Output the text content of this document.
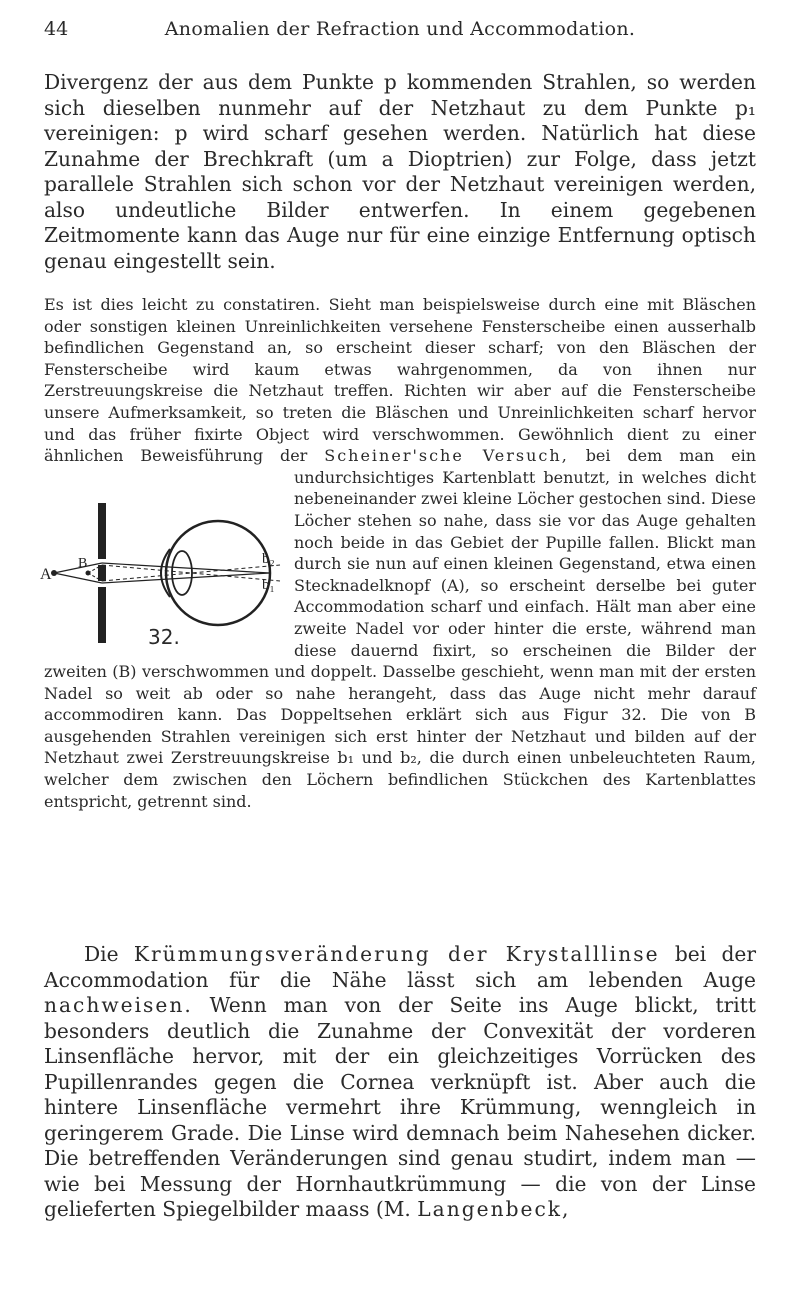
44	Anomalien der Refraction und Accommodation.
Divergenz der aus dem Punkte p kommenden Strahlen, so werden sich dieselben nunmehr auf der Netzhaut zu dem Punkte p₁ vereinigen: p wird scharf gesehen werden. Natürlich hat diese Zunahme der Brechkraft (um a Dioptrien) zur Folge, dass jetzt parallele Strahlen sich schon vor der Netzhaut vereinigen werden, also undeutliche Bilder entwerfen. In einem gegebenen Zeitmomente kann das Auge nur für eine einzige Entfernung optisch genau eingestellt sein.
Es ist dies leicht zu constatiren. Sieht man beispielsweise durch eine mit Bläschen oder sonstigen kleinen Unreinlichkeiten versehene Fensterscheibe einen ausserhalb befindlichen Gegenstand an, so erscheint dieser scharf; von den Bläschen der Fensterscheibe wird kaum etwas wahrgenommen, da von ihnen nur Zerstreuungskreise die Netzhaut treffen. Richten wir aber auf die Fensterscheibe unsere Aufmerksamkeit, so treten die Bläschen und Unreinlichkeiten scharf hervor und das früher fixirte Object wird verschwommen. Gewöhnlich dient zu einer ähnlichen Beweisführung der Scheiner'sche Versuch,
A
B	b₂
b₁
32.
bei dem man ein undurchsichtiges Kartenblatt benutzt, in welches dicht nebeneinander zwei kleine Löcher gestochen sind. Diese Löcher stehen so nahe, dass sie vor das Auge gehalten noch beide in das Gebiet der Pupille fallen. Blickt man durch sie nun auf einen kleinen Gegenstand, etwa einen Stecknadelknopf (A), so erscheint derselbe bei guter Accommodation scharf und einfach. Hält man aber eine zweite Nadel vor oder hinter die erste, während man diese dauernd fixirt, so erscheinen die Bilder der zweiten (B) verschwommen und doppelt. Dasselbe geschieht, wenn man mit der ersten Nadel so weit ab oder so nahe herangeht, dass das Auge nicht mehr darauf accommodiren kann. Das Doppeltsehen erklärt sich aus Figur 32. Die von B ausgehenden Strahlen vereinigen sich erst hinter der Netzhaut und bilden auf der Netzhaut zwei Zerstreuungskreise b₁ und b₂, die durch einen unbeleuchteten Raum, welcher dem zwischen den Löchern befindlichen Stückchen des Kartenblattes entspricht, getrennt sind.
Die Krümmungsveränderung der Krystalllinse bei der Accommodation für die Nähe lässt sich am lebenden Auge nachweisen. Wenn man von der Seite ins Auge blickt, tritt besonders deutlich die Zunahme der Convexität der vorderen Linsenfläche hervor, mit der ein gleichzeitiges Vorrücken des Pupillenrandes gegen die Cornea verknüpft ist. Aber auch die hintere Linsenfläche vermehrt ihre Krümmung, wenngleich in geringerem Grade. Die Linse wird demnach beim Nahesehen dicker. Die betreffenden Veränderungen sind genau studirt, indem man — wie bei Messung der Hornhautkrümmung — die von der Linse gelieferten Spiegelbilder maass (M. Langenbeck,
